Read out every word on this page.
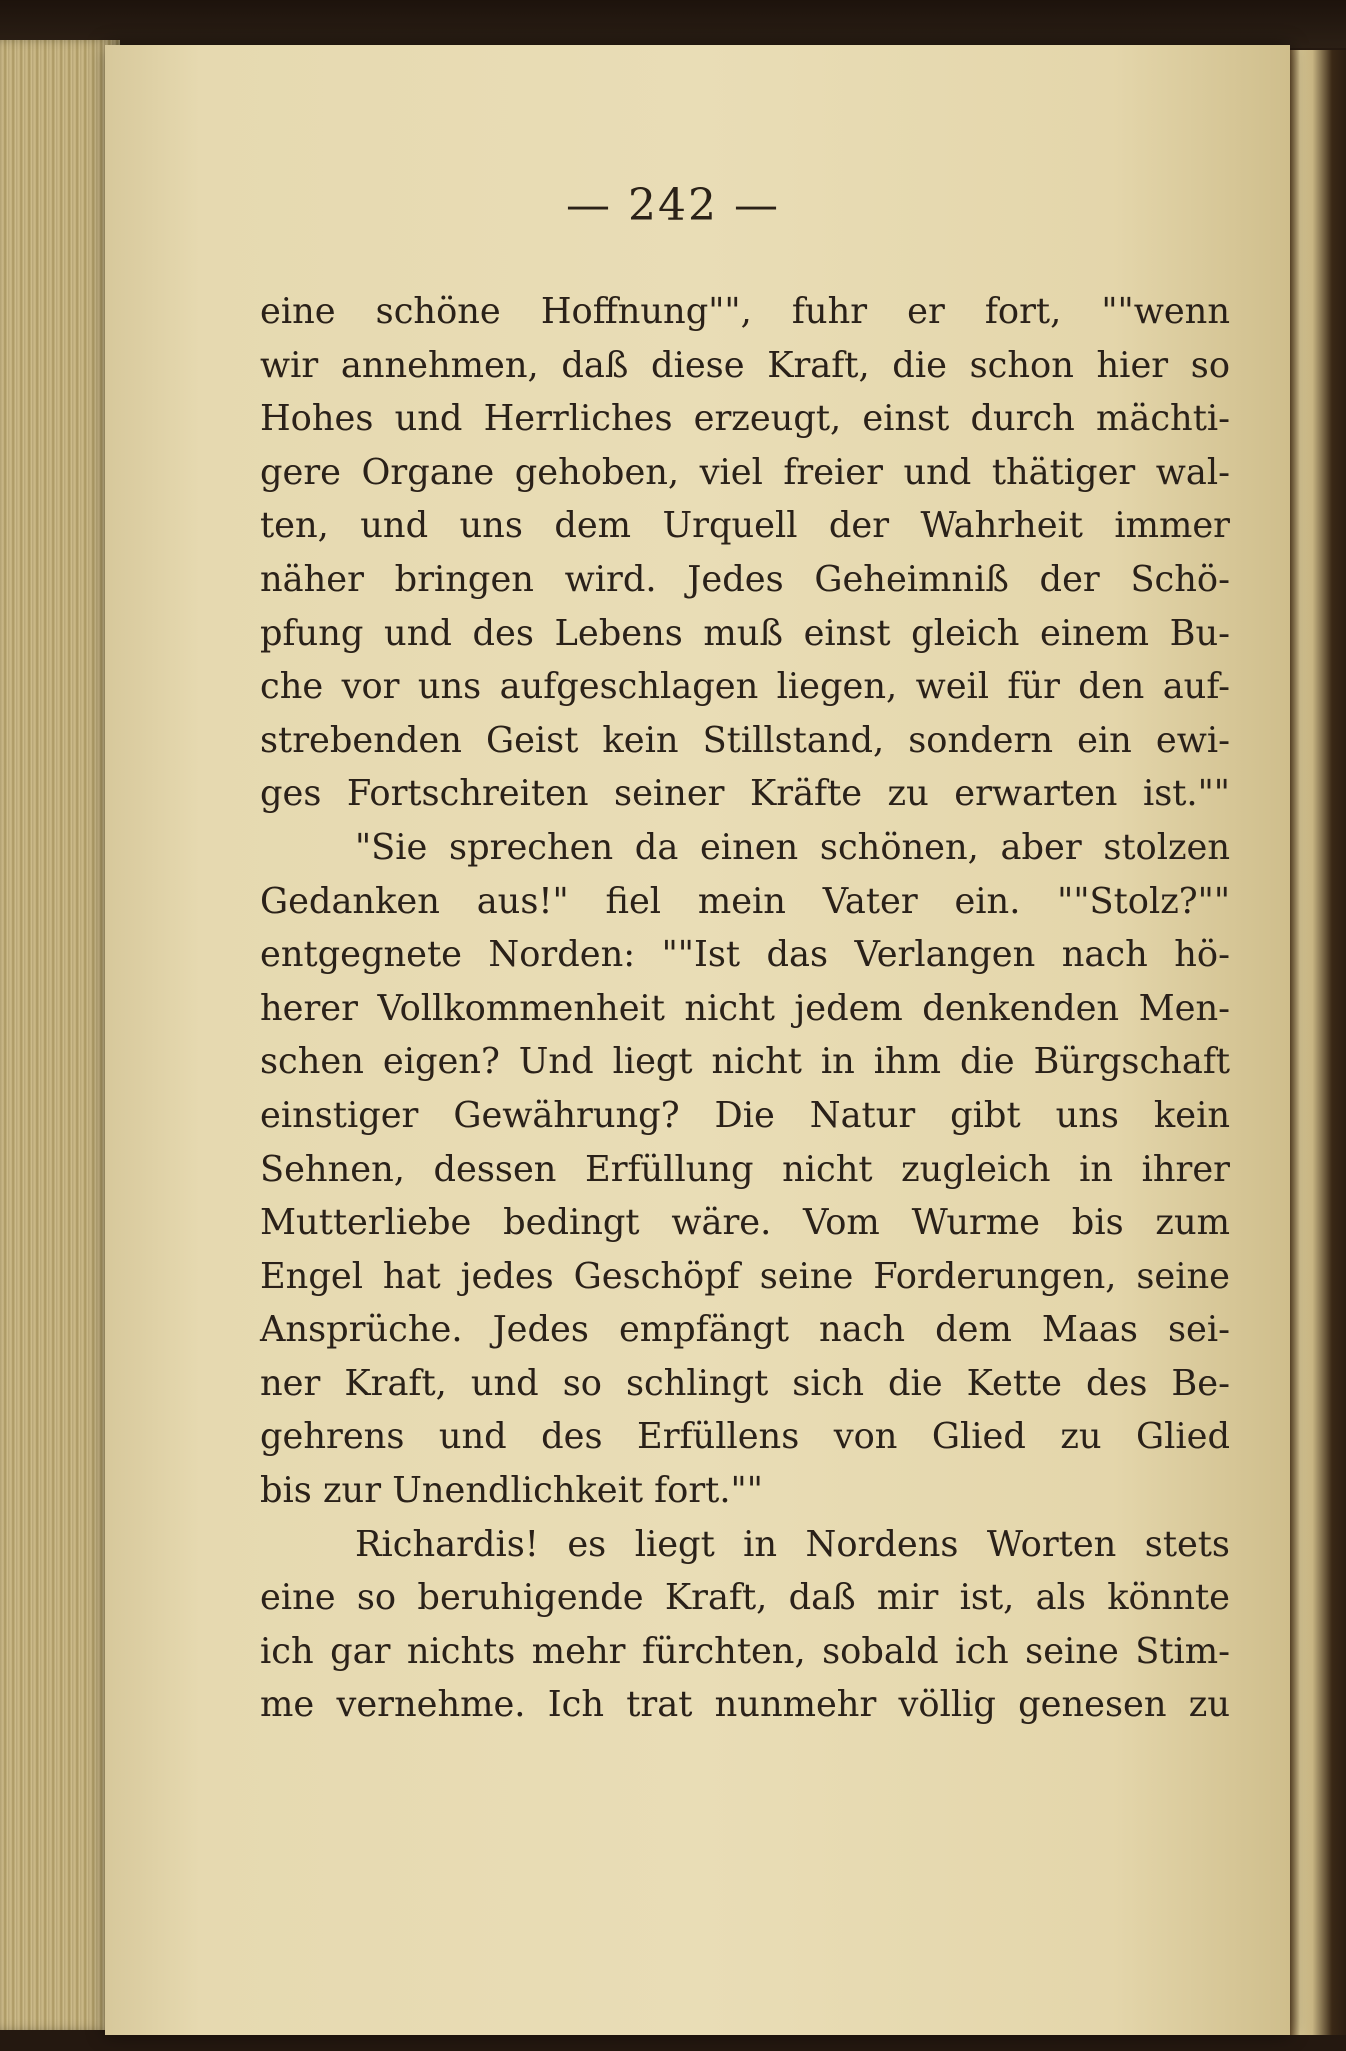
— 242 —
eine schöne Hoffnung"", fuhr er fort, ""wenn
wir annehmen, daß diese Kraft, die schon hier so
Hohes und Herrliches erzeugt, einst durch mächti-
gere Organe gehoben, viel freier und thätiger wal-
ten, und uns dem Urquell der Wahrheit immer
näher bringen wird. Jedes Geheimniß der Schö-
pfung und des Lebens muß einst gleich einem Bu-
che vor uns aufgeschlagen liegen, weil für den auf-
strebenden Geist kein Stillstand, sondern ein ewi-
ges Fortschreiten seiner Kräfte zu erwarten ist.""
"Sie sprechen da einen schönen, aber stolzen
Gedanken aus!" fiel mein Vater ein. ""Stolz?""
entgegnete Norden: ""Ist das Verlangen nach hö-
herer Vollkommenheit nicht jedem denkenden Men-
schen eigen? Und liegt nicht in ihm die Bürgschaft
einstiger Gewährung? Die Natur gibt uns kein
Sehnen, dessen Erfüllung nicht zugleich in ihrer
Mutterliebe bedingt wäre. Vom Wurme bis zum
Engel hat jedes Geschöpf seine Forderungen, seine
Ansprüche. Jedes empfängt nach dem Maas sei-
ner Kraft, und so schlingt sich die Kette des Be-
gehrens und des Erfüllens von Glied zu Glied
bis zur Unendlichkeit fort.""
Richardis! es liegt in Nordens Worten stets
eine so beruhigende Kraft, daß mir ist, als könnte
ich gar nichts mehr fürchten, sobald ich seine Stim-
me vernehme. Ich trat nunmehr völlig genesen zu
